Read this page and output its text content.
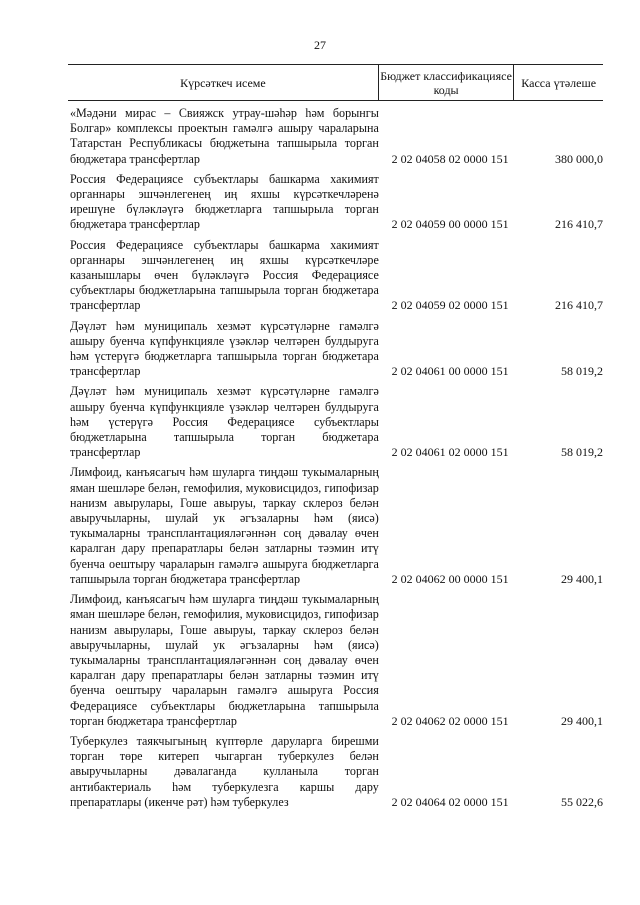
27
Күрсәткеч исеме	Бюджет классификациясе коды	Касса үтәлеше
«Мәдәни мирас – Свияжск утрау-шәһәр һәм борынгы Болгар» комплексы проектын гамәлгә ашыру чараларына Татарстан Республикасы бюджетына тапшырыла торган бюджетара трансфертлар	2 02 04058 02 0000 151	380 000,0
Россия Федерациясе субъектлары башкарма хакимият органнары эшчәнлегенең иң яхшы күрсәткечләренә ирешүне бүләкләүгә бюджетларга тапшырыла торган бюджетара трансфертлар	2 02 04059 00 0000 151	216 410,7
Россия Федерациясе субъектлары башкарма хакимият органнары эшчәнлегенең иң яхшы күрсәткечләре казанышлары өчен бүләкләүгә Россия Федерациясе субъектлары бюджетларына тапшырыла торган бюджетара трансфертлар	2 02 04059 02 0000 151	216 410,7
Дәүләт һәм муниципаль хезмәт күрсәтүләрне гамәлгә ашыру буенча күпфункцияле үзәкләр челтәрен булдыруга һәм үстерүгә бюджетларга тапшырыла торган бюджетара трансфертлар	2 02 04061 00 0000 151	58 019,2
Дәүләт һәм муниципаль хезмәт күрсәтүләрне гамәлгә ашыру буенча күпфункцияле үзәкләр челтәрен булдыруга һәм үстерүгә Россия Федерациясе субъектлары бюджетларына тапшырыла торган бюджетара трансфертлар	2 02 04061 02 0000 151	58 019,2
Лимфоид, канъясагыч һәм шуларга тиңдәш тукымаларның яман шешләре белән, гемофилия, муковисцидоз, гипофизар нанизм авырулары, Гоше авыруы, таркау склероз белән авыручыларны, шулай ук әгъзаларны һәм (яисә) тукымаларны трансплантацияләгәннән соң дәвалау өчен каралган дару препаратлары белән затларны тәэмин итү буенча оештыру чараларын гамәлгә ашыруга бюджетларга тапшырыла торган бюджетара трансфертлар	2 02 04062 00 0000 151	29 400,1
Лимфоид, канъясагыч һәм шуларга тиңдәш тукымаларның яман шешләре белән, гемофилия, муковисцидоз, гипофизар нанизм авырулары, Гоше авыруы, таркау склероз белән авыручыларны, шулай ук әгъзаларны һәм (яисә) тукымаларны трансплантацияләгәннән соң дәвалау өчен каралган дару препаратлары белән затларны тәэмин итү буенча оештыру чараларын гамәлгә ашыруга Россия Федерациясе субъектлары бюджетларына тапшырыла торган бюджетара трансфертлар	2 02 04062 02 0000 151	29 400,1
Туберкулез таякчыгының күптөрле даруларга бирешми торган төре китереп чыгарган туберкулез белән авыручыларны дәвалаганда кулланыла торган антибактериаль һәм туберкулезга каршы дару препаратлары (икенче рәт) һәм туберкулез	2 02 04064 02 0000 151	55 022,6
